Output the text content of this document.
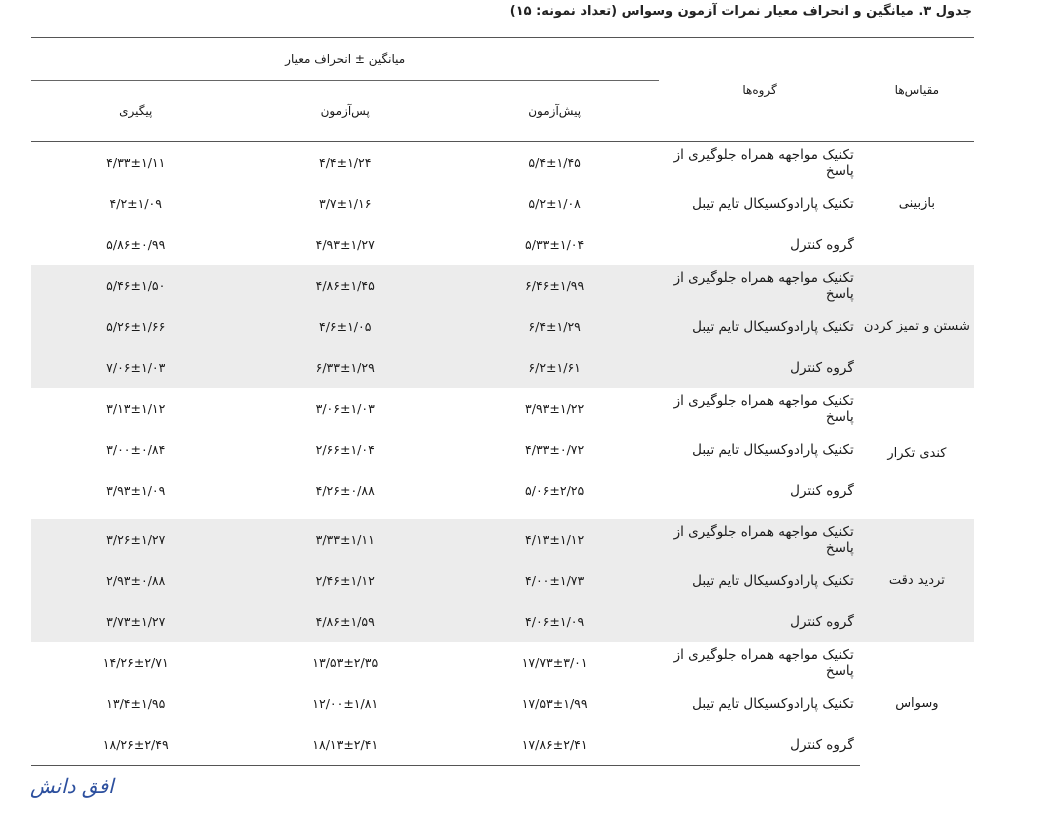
جدول ۳. میانگین و انحراف معیار نمرات آزمون وسواس (تعداد نمونه: ۱۵)
مقیاس‌ها	گروه‌ها	میانگین ± انحراف معیار		
		پیش‌آزمون	پس‌آزمون	پیگیری
بازبینی	تکنیک مواجهه همراه جلوگیری از پاسخ	۵/۴±۱/۴۵	۴/۴±۱/۲۴	۴/۳۳±۱/۱۱
	تکنیک پارادوکسیکال تایم تیبل	۵/۲±۱/۰۸	۳/۷±۱/۱۶	۴/۲±۱/۰۹
	گروه کنترل	۵/۳۳±۱/۰۴	۴/۹۳±۱/۲۷	۵/۸۶±۰/۹۹
شستن و تمیز کردن	تکنیک مواجهه همراه جلوگیری از پاسخ	۶/۴۶±۱/۹۹	۴/۸۶±۱/۴۵	۵/۴۶±۱/۵۰
	تکنیک پارادوکسیکال تایم تیبل	۶/۴±۱/۲۹	۴/۶±۱/۰۵	۵/۲۶±۱/۶۶
	گروه کنترل	۶/۲±۱/۶۱	۶/۳۳±۱/۲۹	۷/۰۶±۱/۰۳
کندی تکرار	تکنیک مواجهه همراه جلوگیری از پاسخ	۳/۹۳±۱/۲۲	۳/۰۶±۱/۰۳	۳/۱۳±۱/۱۲
	تکنیک پارادوکسیکال تایم تیبل	۴/۳۳±۰/۷۲	۲/۶۶±۱/۰۴	۳/۰۰±۰/۸۴
	گروه کنترل	۵/۰۶±۲/۲۵	۴/۲۶±۰/۸۸	۳/۹۳±۱/۰۹

تردید دقت	تکنیک مواجهه همراه جلوگیری از پاسخ	۴/۱۳±۱/۱۲	۳/۳۳±۱/۱۱	۳/۲۶±۱/۲۷
	تکنیک پارادوکسیکال تایم تیبل	۴/۰۰±۱/۷۳	۲/۴۶±۱/۱۲	۲/۹۳±۰/۸۸
	گروه کنترل	۴/۰۶±۱/۰۹	۴/۸۶±۱/۵۹	۳/۷۳±۱/۲۷
وسواس	تکنیک مواجهه همراه جلوگیری از پاسخ	۱۷/۷۳±۳/۰۱	۱۳/۵۳±۲/۳۵	۱۴/۲۶±۲/۷۱
	تکنیک پارادوکسیکال تایم تیبل	۱۷/۵۳±۱/۹۹	۱۲/۰۰±۱/۸۱	۱۳/۴±۱/۹۵
	گروه کنترل	۱۷/۸۶±۲/۴۱	۱۸/۱۳±۲/۴۱	۱۸/۲۶±۲/۴۹
افق دانش
